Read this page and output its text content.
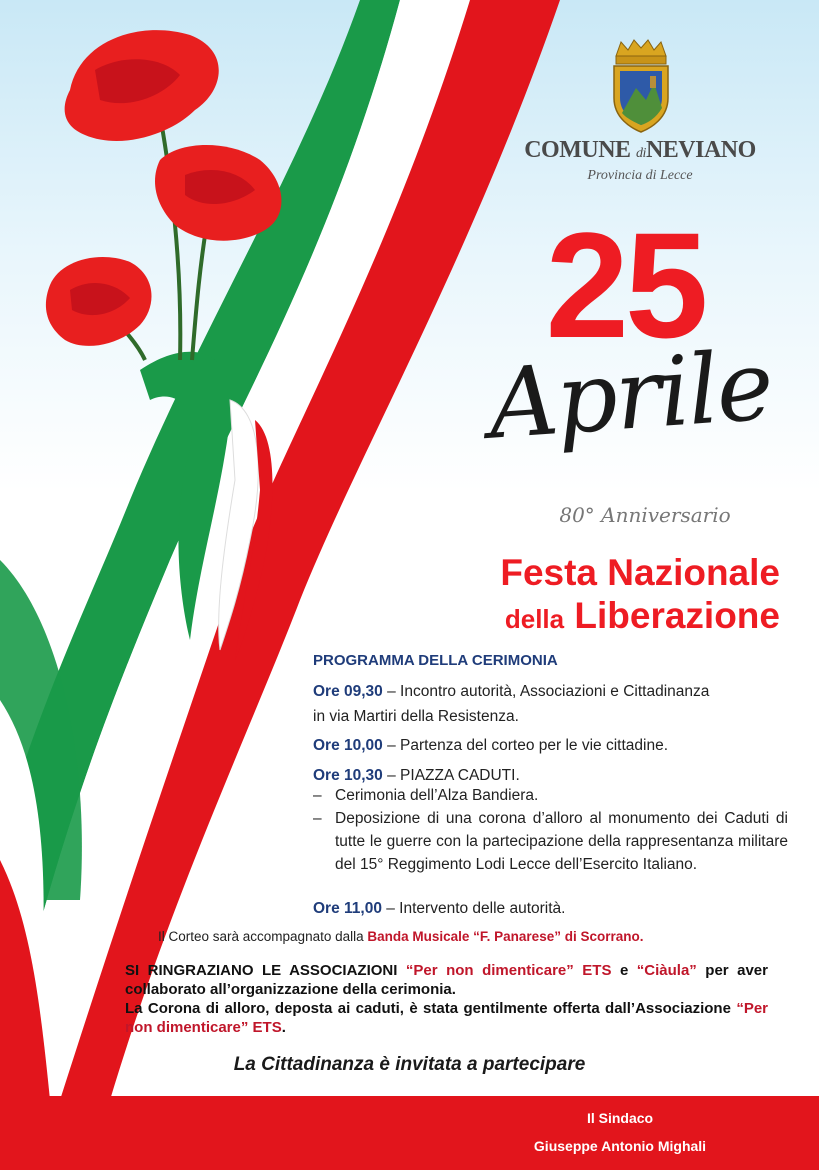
COMUNE diNEVIANO
Provincia di Lecce
25
Aprile
80° Anniversario
Festa Nazionale
della Liberazione
PROGRAMMA DELLA CERIMONIA
Ore 09,30 – Incontro autorità, Associazioni e Cittadinanza
in via Martiri della Resistenza.
Ore 10,00 – Partenza del corteo per le vie cittadine.
Ore 10,30 – PIAZZA CADUTI.
– Cerimonia dell’Alza Bandiera.
– Deposizione di una corona d’alloro al monumento dei Caduti di tutte le guerre con la partecipazione della rappresentanza militare del 15° Reggimento Lodi Lecce dell’Esercito Italiano.
Ore 11,00 – Intervento delle autorità.
Il Corteo sarà accompagnato dalla Banda Musicale “F. Panarese” di Scorrano.
SI RINGRAZIANO LE ASSOCIAZIONI “Per non dimenticare” ETS e “Ciàula” per aver collaborato all’organizzazione della cerimonia.
La Corona di alloro, deposta ai caduti, è stata gentilmente offerta dall’Associazione “Per non dimenticare” ETS.
La Cittadinanza è invitata a partecipare
Il Sindaco
Giuseppe Antonio Mighali
